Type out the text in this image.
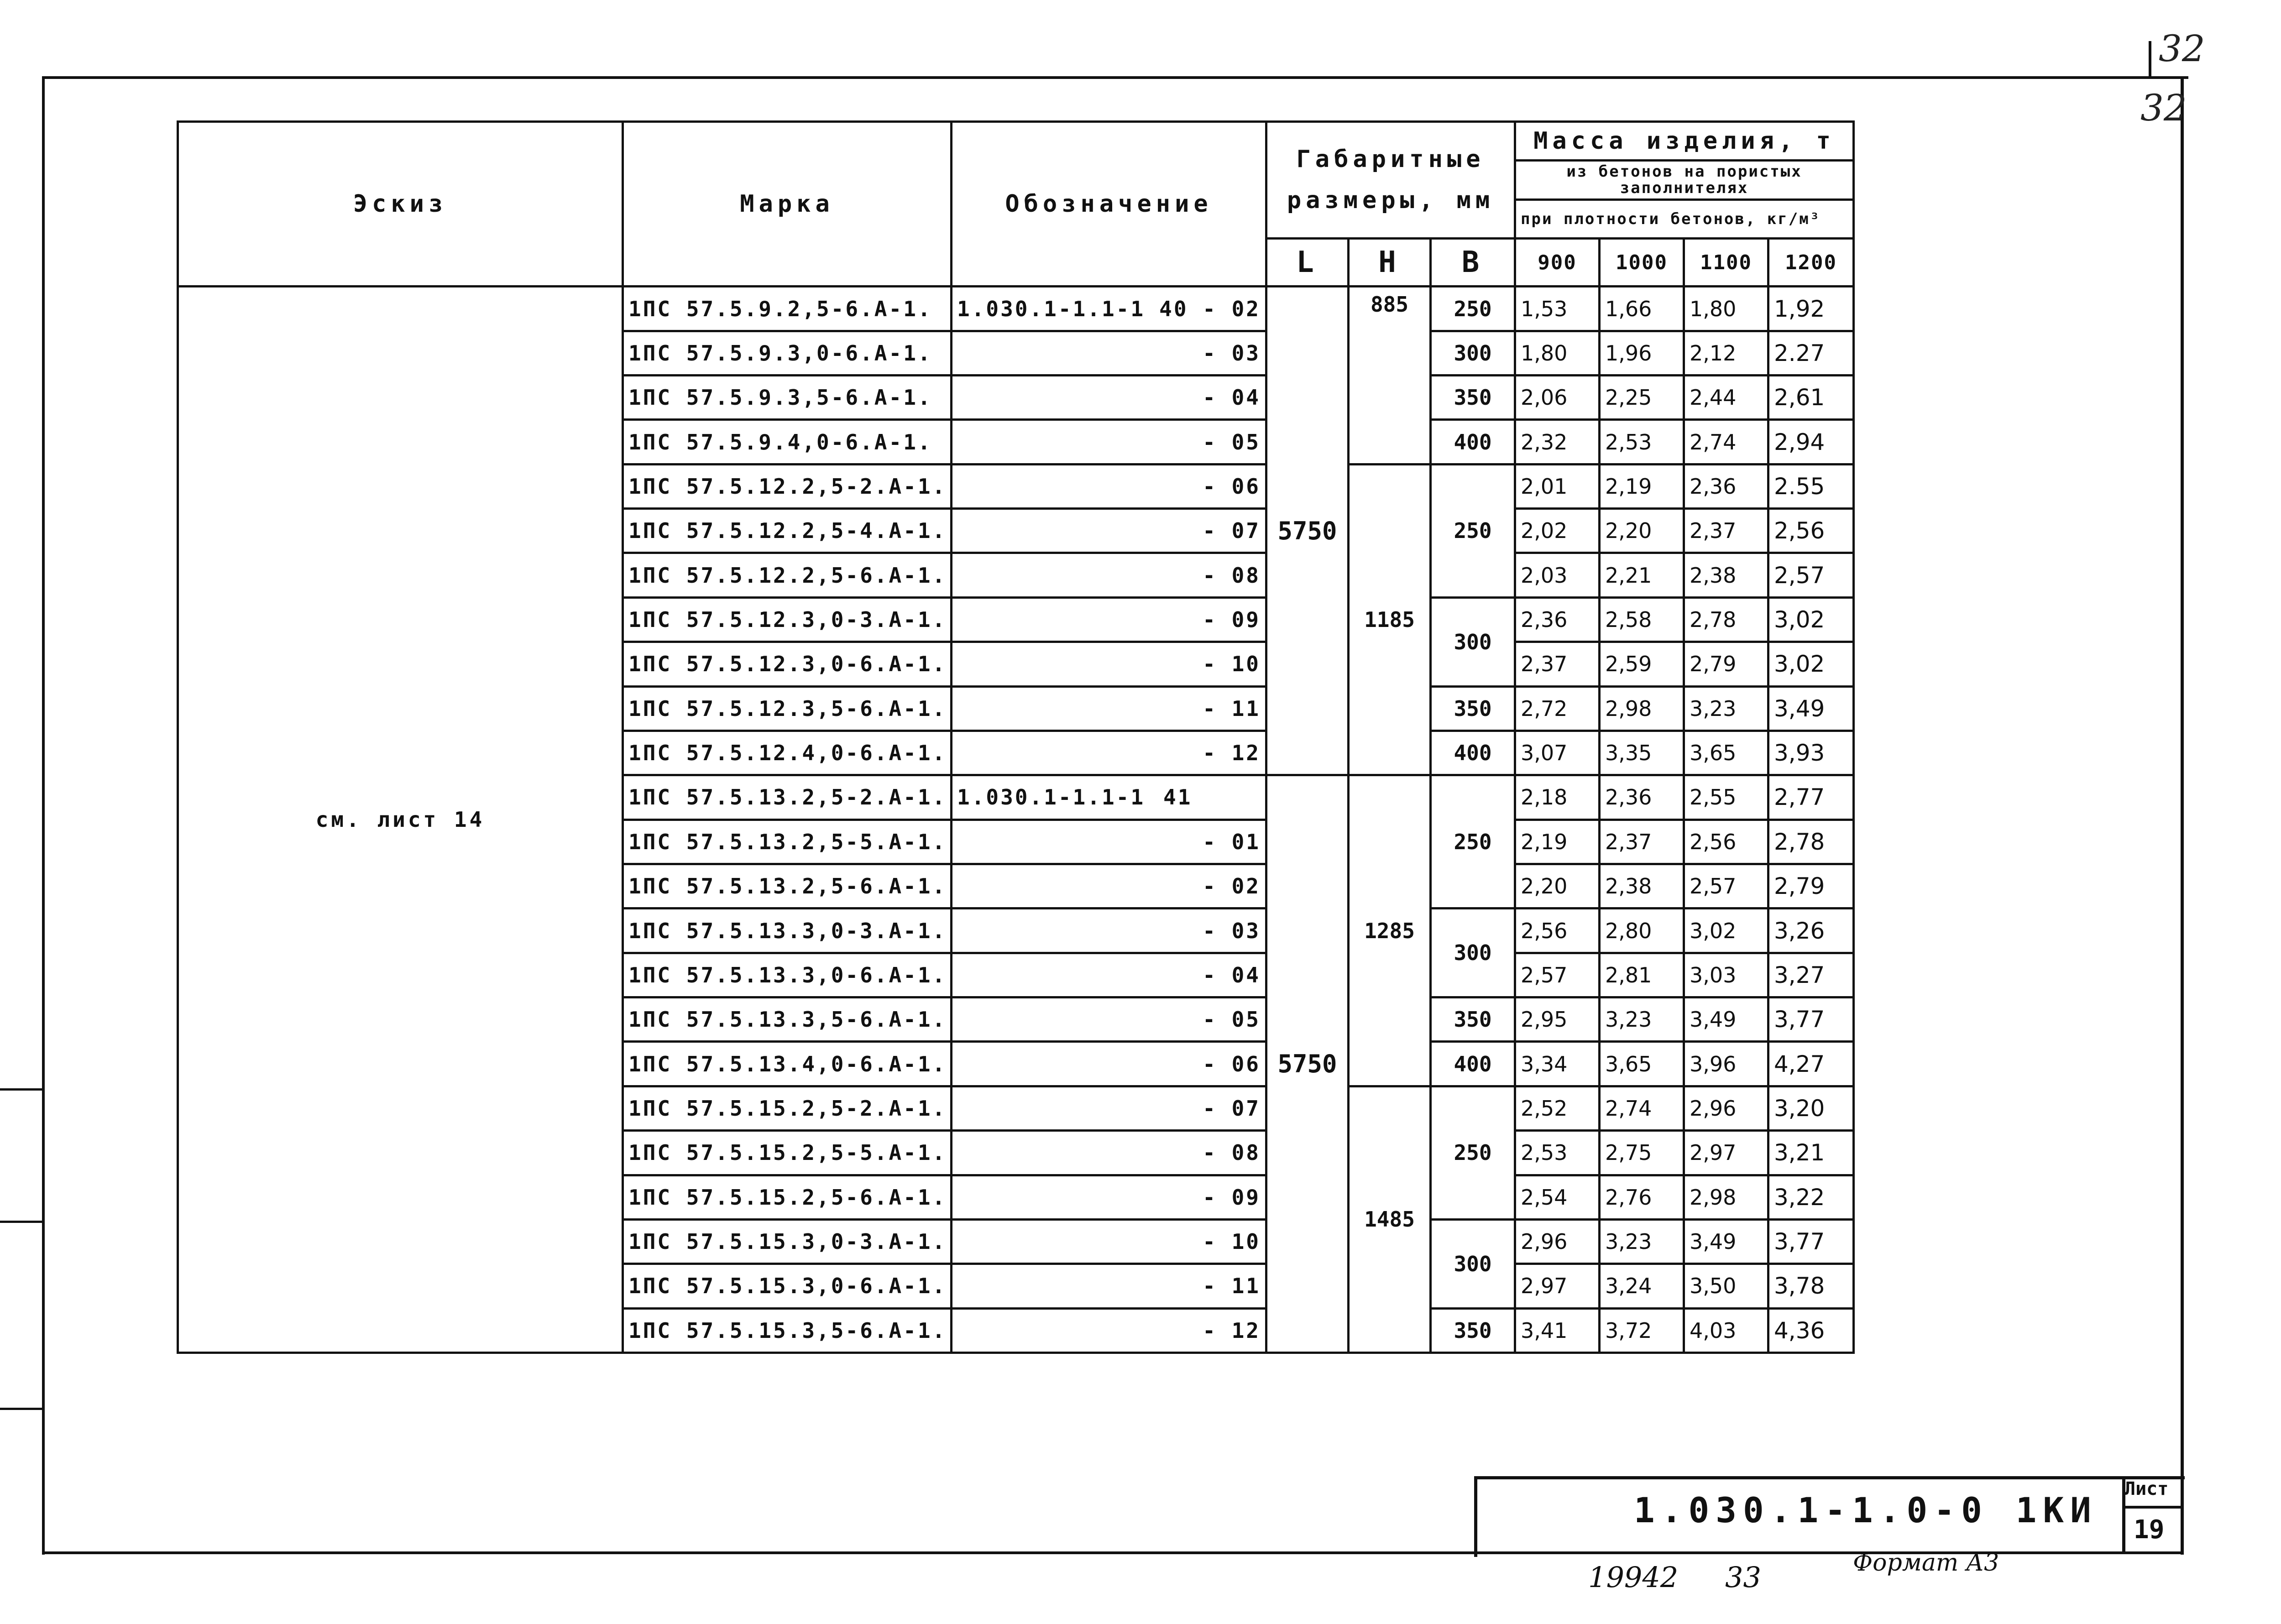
32
32
Эскиз	Марка	Обозначение	Габаритные размеры, мм			Масса изделия, т			
						из бетонов на пористых заполнителях			
						при плотности бетонов, кг/м³			
			L	H	В	900	1000	1100	1200
см. лист 14	1ПС 57.5.9.2,5-6.А-1.	1.030.1-1.1-1 40 - 02	5750	885	250	1,53	1,66	1,80	1,92
	1ПС 57.5.9.3,0-6.А-1.	- 03			300	1,80	1,96	2,12	2.27
	1ПС 57.5.9.3,5-6.А-1.	- 04			350	2,06	2,25	2,44	2,61
	1ПС 57.5.9.4,0-6.А-1.	- 05			400	2,32	2,53	2,74	2,94
	1ПС 57.5.12.2,5-2.А-1.	- 06		1185	250	2,01	2,19	2,36	2.55
	1ПС 57.5.12.2,5-4.А-1.	- 07				2,02	2,20	2,37	2,56
	1ПС 57.5.12.2,5-6.А-1.	- 08				2,03	2,21	2,38	2,57
	1ПС 57.5.12.3,0-3.А-1.	- 09			300	2,36	2,58	2,78	3,02
	1ПС 57.5.12.3,0-6.А-1.	- 10				2,37	2,59	2,79	3,02
	1ПС 57.5.12.3,5-6.А-1.	- 11			350	2,72	2,98	3,23	3,49
	1ПС 57.5.12.4,0-6.А-1.	- 12			400	3,07	3,35	3,65	3,93
	1ПС 57.5.13.2,5-2.А-1.	1.030.1-1.1-1 41	5750	1285	250	2,18	2,36	2,55	2,77
	1ПС 57.5.13.2,5-5.А-1.	- 01				2,19	2,37	2,56	2,78
	1ПС 57.5.13.2,5-6.А-1.	- 02				2,20	2,38	2,57	2,79
	1ПС 57.5.13.3,0-3.А-1.	- 03			300	2,56	2,80	3,02	3,26
	1ПС 57.5.13.3,0-6.А-1.	- 04				2,57	2,81	3,03	3,27
	1ПС 57.5.13.3,5-6.А-1.	- 05			350	2,95	3,23	3,49	3,77
	1ПС 57.5.13.4,0-6.А-1.	- 06			400	3,34	3,65	3,96	4,27
	1ПС 57.5.15.2,5-2.А-1.	- 07		1485	250	2,52	2,74	2,96	3,20
	1ПС 57.5.15.2,5-5.А-1.	- 08				2,53	2,75	2,97	3,21
	1ПС 57.5.15.2,5-6.А-1.	- 09				2,54	2,76	2,98	3,22
	1ПС 57.5.15.3,0-3.А-1.	- 10			300	2,96	3,23	3,49	3,77
	1ПС 57.5.15.3,0-6.А-1.	- 11				2,97	3,24	3,50	3,78
	1ПС 57.5.15.3,5-6.А-1.	- 12			350	3,41	3,72	4,03	4,36
1.030.1-1.0-0 1КИ
Лист
19
19942 33	Формат А3
